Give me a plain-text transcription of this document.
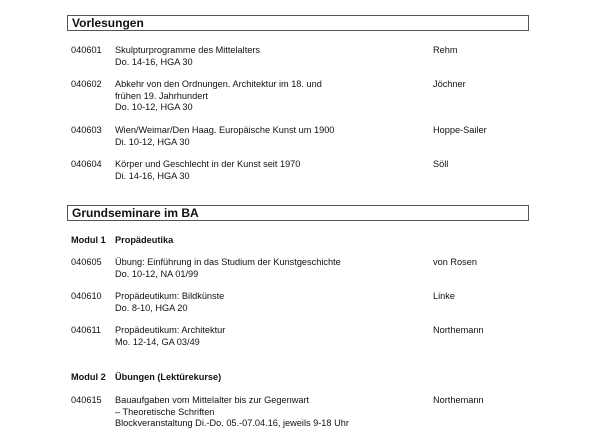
Vorlesungen
040601 Skulpturprogramme des Mittelalters
Do. 14-16, HGA 30
Rehm
040602 Abkehr von den Ordnungen. Architektur im 18. und
frühen 19. Jahrhundert
Do. 10-12, HGA 30
Jöchner
040603 Wien/Weimar/Den Haag. Europäische Kunst um 1900
Di. 10-12, HGA 30
Hoppe-Sailer
040604 Körper und Geschlecht in der Kunst seit 1970
Di. 14-16, HGA 30
Söll
Grundseminare im BA
Modul 1 Propädeutika
040605 Übung: Einführung in das Studium der Kunstgeschichte
Do. 10-12, NA 01/99
von Rosen
040610 Propädeutikum: Bildkünste
Do. 8-10, HGA 20
Linke
040611 Propädeutikum: Architektur
Mo. 12-14, GA 03/49
Northemann
Modul 2 Übungen (Lektürekurse)
040615 Bauaufgaben vom Mittelalter bis zur Gegenwart
– Theoretische Schriften
Blockveranstaltung Di.-Do. 05.-07.04.16, jeweils 9-18 Uhr
Northemann
